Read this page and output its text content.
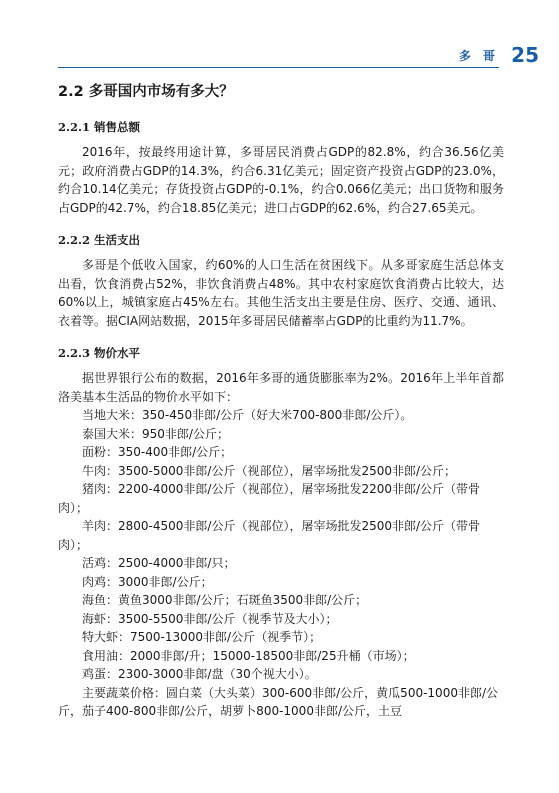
多 哥 25
2.2 多哥国内市场有多大？
2.2.1 销售总额

2016年，按最终用途计算，多哥居民消费占GDP的82.8%，约合36.56亿美元；政府消费占GDP的14.3%，约合6.31亿美元；固定资产投资占GDP的23.0%，约合10.14亿美元；存货投资占GDP的-0.1%，约合0.066亿美元；出口货物和服务占GDP的42.7%，约合18.85亿美元；进口占GDP的62.6%，约合27.65美元。

2.2.2 生活支出

多哥是个低收入国家，约60%的人口生活在贫困线下。从多哥家庭生活总体支出看，饮食消费占52%，非饮食消费占48%。其中农村家庭饮食消费占比较大，达60%以上，城镇家庭占45%左右。其他生活支出主要是住房、医疗、交通、通讯、衣着等。据CIA网站数据，2015年多哥居民储蓄率占GDP的比重约为11.7%。

2.2.3 物价水平

据世界银行公布的数据，2016年多哥的通货膨胀率为2%。2016年上半年首都洛美基本生活品的物价水平如下：

当地大米：350-450非郎/公斤（好大米700-800非郎/公斤）。

泰国大米：950非郎/公斤；

面粉：350-400非郎/公斤；

牛肉：3500-5000非郎/公斤（视部位），屠宰场批发2500非郎/公斤；

猪肉：2200-4000非郎/公斤（视部位），屠宰场批发2200非郎/公斤（带骨肉）；

羊肉：2800-4500非郎/公斤（视部位），屠宰场批发2500非郎/公斤（带骨肉）；

活鸡：2500-4000非郎/只；

肉鸡：3000非郎/公斤；

海鱼：黄鱼3000非郎/公斤；石斑鱼3500非郎/公斤；

海虾：3500-5500非郎/公斤（视季节及大小）；

特大虾：7500-13000非郎/公斤（视季节）；

食用油：2000非郎/升；15000-18500非郎/25升桶（市场）；

鸡蛋：2300-3000非郎/盘（30个视大小）。

主要蔬菜价格：圆白菜（大头菜）300-600非郎/公斤，黄瓜500-1000非郎/公斤，茄子400-800非郎/公斤，胡萝卜800-1000非郎/公斤，土豆
